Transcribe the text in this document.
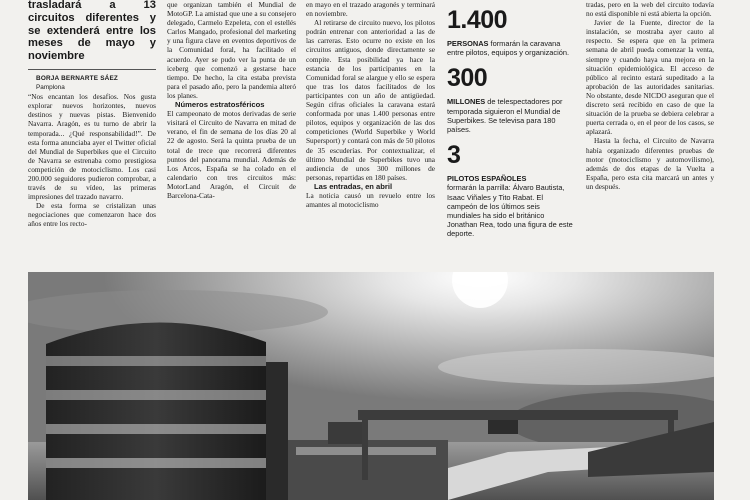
trasladará a 13 circuitos diferentes y se extenderá entre los meses de mayo y noviembre

BORJA BERNARTE SÁEZ

Pamplona

“Nos encantan los desafíos. Nos gusta explorar nuevos horizontes, nuevos destinos y nuevas pistas. Bienvenido Navarra. Aragón, es tu turno de abrir la temporada... ¿Qué responsabilidad!”. De esta forma anunciaba ayer el Twitter oficial del Mundial de Superbikes que el Circuito de Navarra se estrenaba como prestigiosa competición de motociclismo. Los casi 200.000 seguidores pudieron comprobar, a través de su vídeo, las primeras impresiones del trazado navarro.

De esta forma se cristalizan unas negociaciones que comenzaron hace dos años entre los recto-

que organizan también el Mundial de MotoGP. La amistad que une a su consejero delegado, Carmelo Ezpeleta, con el estellés Carlos Mangado, profesional del marketing y una figura clave en eventos deportivos de la Comunidad foral, ha facilitado el acuerdo. Ayer se pudo ver la punta de un iceberg que comenzó a gestarse hace tiempo. De hecho, la cita estaba prevista para el pasado año, pero la pandemia alteró los planes.

Números estratosféricos

El campeonato de motos derivadas de serie visitará el Circuito de Navarra en mitad de verano, el fin de semana de los días 20 al 22 de agosto. Será la quinta prueba de un total de trece que recorrerá diferentes puntos del panorama mundial. Además de Los Arcos, España se ha colado en el calendario con tres circuitos más: MotorLand Aragón, el Circuit de Barcelona-Cata-

en mayo en el trazado aragonés y terminará en noviembre.

Al retirarse de circuito nuevo, los pilotos podrán entrenar con anterioridad a las de las carreras. Esto ocurre no existe en los circuitos antiguos, donde directamente se compite. Esta posibilidad ya hace la estancia de los participantes en la Comunidad foral se alargue y ello se espera que tras los datos facilitados de los participantes con un año de antigüedad. Según cifras oficiales la caravana estará conformada por unas 1.400 personas entre pilotos, equipos y organización de las dos competiciones (World Superbike y World Supersport) y contará con más de 50 pilotos de 35 escuderías. Por contextualizar, el último Mundial de Superbikes tuvo una audiencia de unos 300 millones de personas, repartidas en 180 países.

Las entradas, en abril

La noticia causó un revuelo entre los amantes al motociclismo

1.400
PERSONAS formarán la caravana entre pilotos, equipos y organización.
300
MILLONES de telespectadores por temporada siguieron el Mundial de Superbikes. Se televisa para 180 países.
3
PILOTOS ESPAÑOLES
formarán la parrilla: Álvaro Bautista, Isaac Viñales y Tito Rabat. El campeón de los últimos seis mundiales ha sido el británico Jonathan Rea, todo una figura de este deporte.

tradas, pero en la web del circuito todavía no está disponible ni está abierta la opción.

Javier de la Fuente, director de la instalación, se mostraba ayer cauto al respecto. Se espera que en la primera semana de abril pueda comenzar la venta, siempre y cuando haya una mejora en la situación epidemiológica. El acceso de público al recinto estará supeditado a la aprobación de las autoridades sanitarias. No obstante, desde NICDO aseguran que el discreto será recibido en caso de que la situación de la prueba se debiera celebrar a puerta cerrada o, en el peor de los casos, se aplazará.

Hasta la fecha, el Circuito de Navarra había organizado diferentes pruebas de motor (motociclismo y automovilismo), además de dos etapas de la Vuelta a España, pero esta cita marcará un antes y un después.
